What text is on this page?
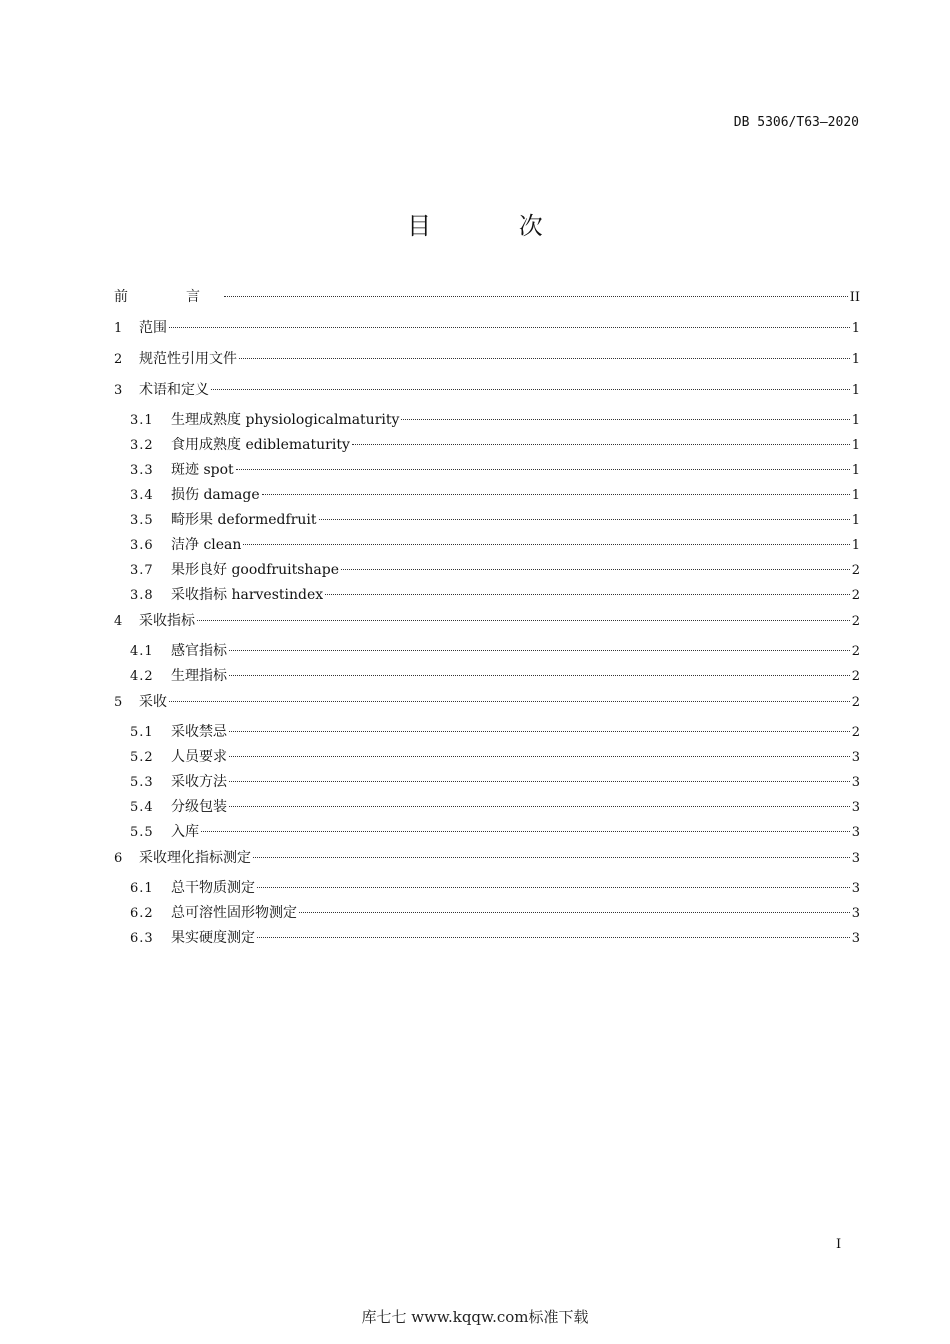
DB 5306/T63—2020
目 次
前　言	II
1	范围	1
2	规范性引用文件	1
3	术语和定义	1
3.1	生理成熟度 physiologicalmaturity	1
3.2	食用成熟度 ediblematurity	1
3.3	斑迹 spot	1
3.4	损伤 damage	1
3.5	畸形果 deformedfruit	1
3.6	洁净 clean	1
3.7	果形良好 goodfruitshape	2
3.8	采收指标 harvestindex	2
4	采收指标	2
4.1	感官指标	2
4.2	生理指标	2
5	采收	2
5.1	采收禁忌	2
5.2	人员要求	3
5.3	采收方法	3
5.4	分级包装	3
5.5	入库	3
6	采收理化指标测定	3
6.1	总干物质测定	3
6.2	总可溶性固形物测定	3
6.3	果实硬度测定	3
I
库七七 www.kqqw.com标准下载
